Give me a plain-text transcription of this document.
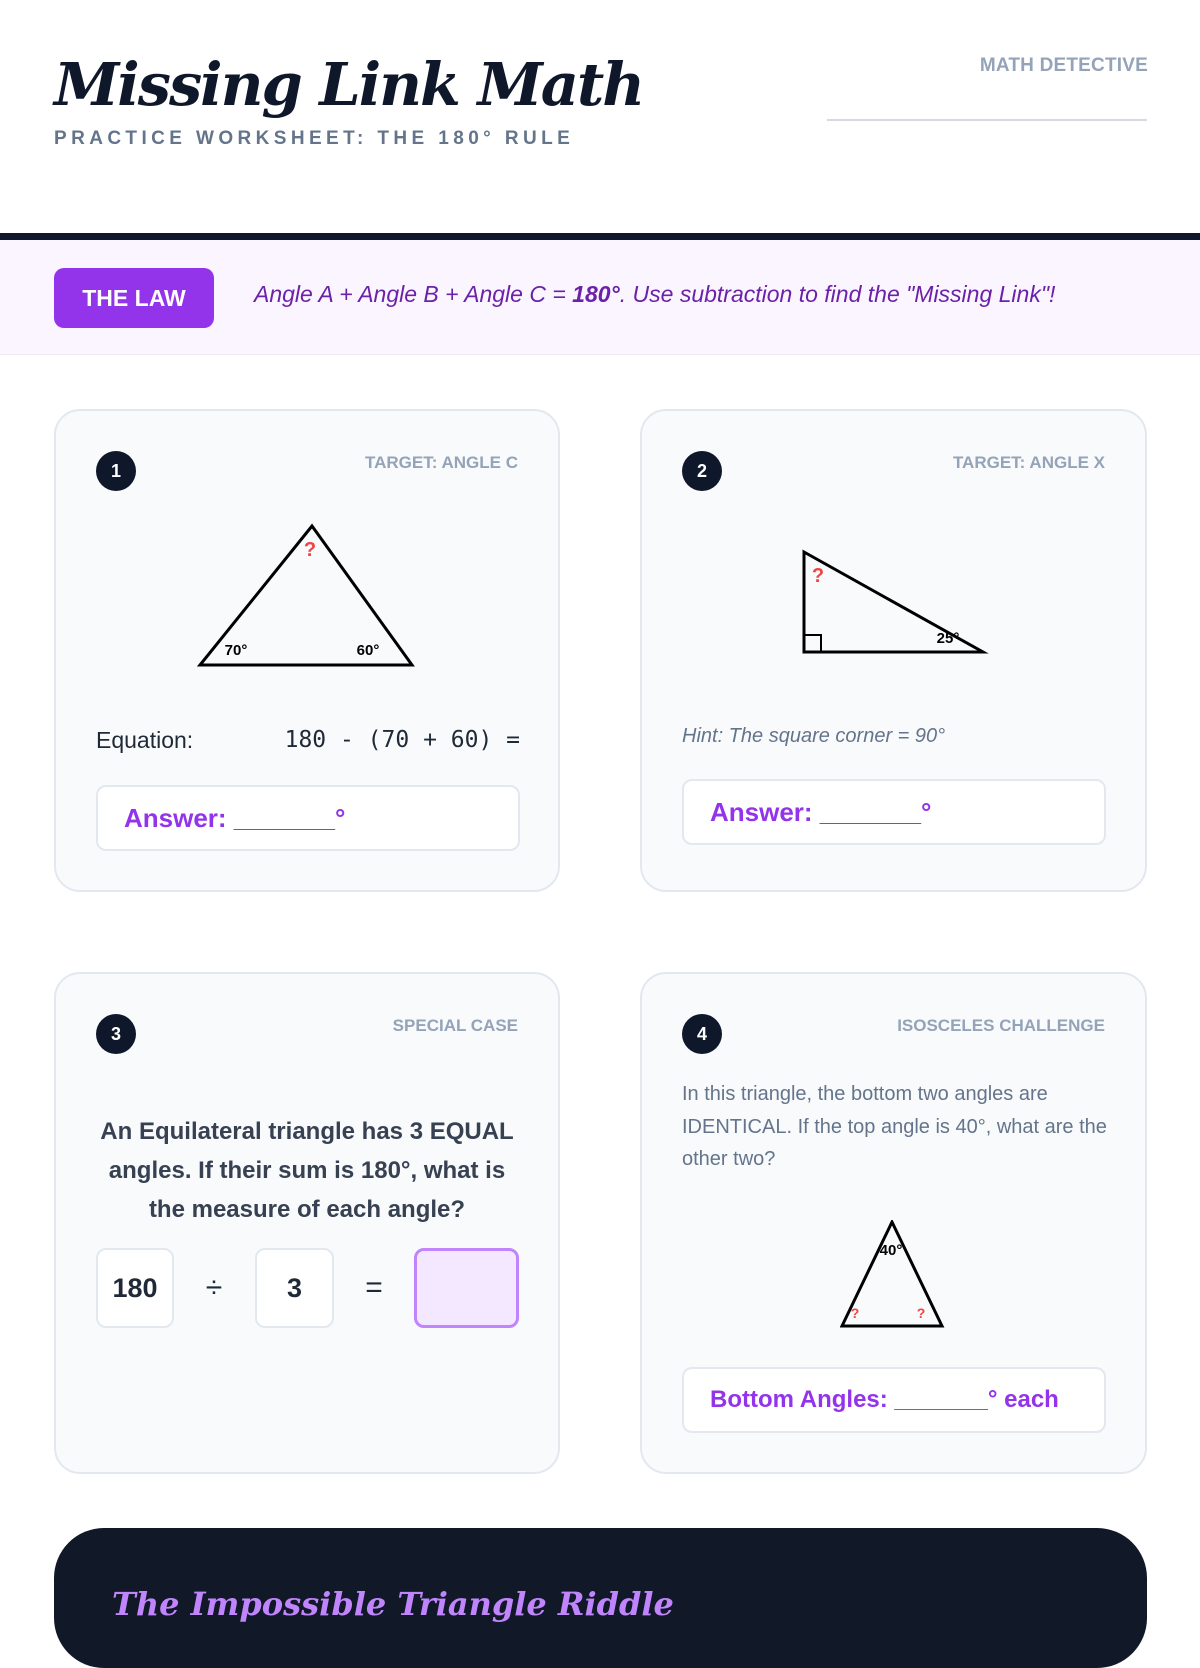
Missing Link Math
PRACTICE WORKSHEET: THE 180° RULE
MATH DETECTIVE
THE LAW	Angle A + Angle B + Angle C = 180°. Use subtraction to find the "Missing Link"!
1	TARGET: ANGLE C
?
70°	60°
Equation:	180 - (70 + 60) =
Answer: _______°
2	TARGET: ANGLE X
?
25°
Hint: The square corner = 90°
Answer: _______°
3	SPECIAL CASE
An Equilateral triangle has 3 EQUAL angles. If their sum is 180°, what is the measure of each angle?
180	÷	3	=
4	ISOSCELES CHALLENGE
In this triangle, the bottom two angles are IDENTICAL. If the top angle is 40°, what are the other two?
40°
?	?
Bottom Angles: _______° each
The Impossible Triangle Riddle
